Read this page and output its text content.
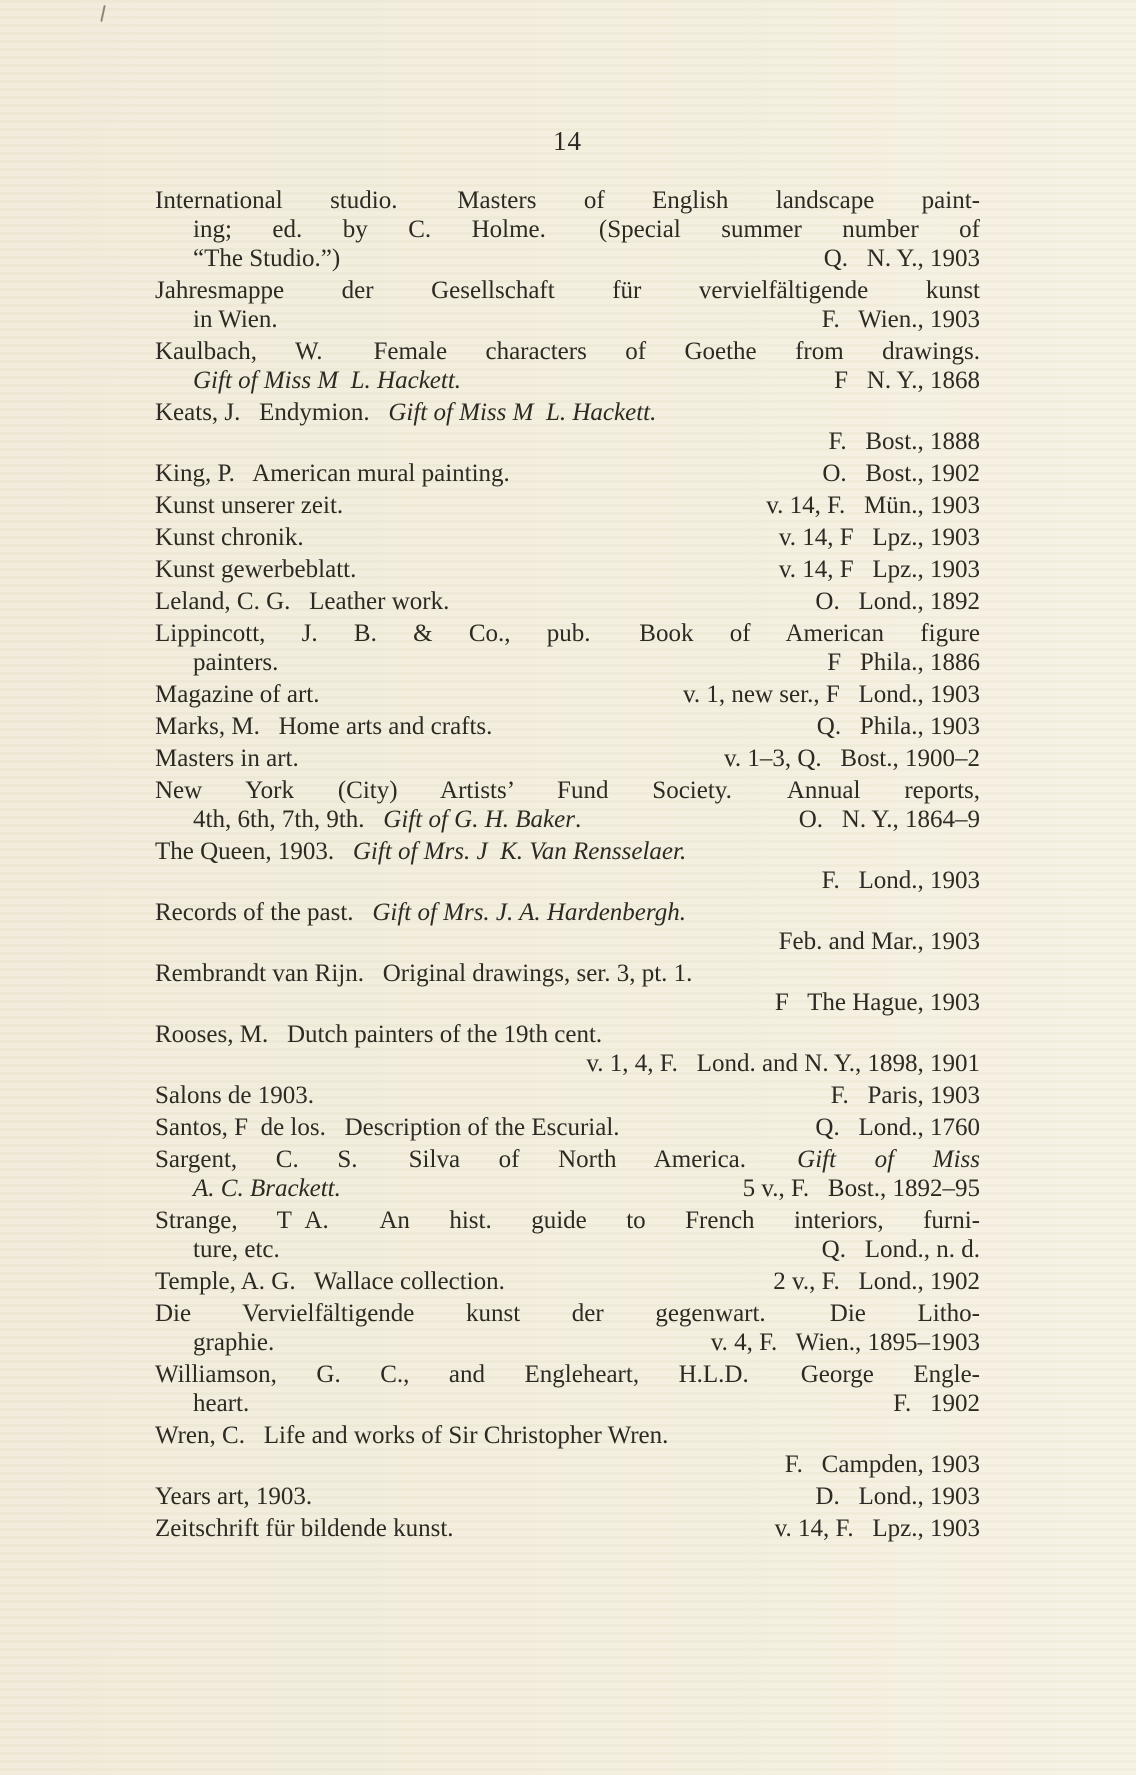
14
International studio.  Masters of English landscape paint-
ing; ed. by C. Holme.  (Special summer number of
“The Studio.”)	Q.  N. Y., 1903
Jahresmappe der Gesellschaft für vervielfältigende kunst
in Wien.	F.  Wien., 1903
Kaulbach, W.  Female characters of Goethe from drawings.
Gift of Miss M L. Hackett.	F  N. Y., 1868
Keats, J.  Endymion.  Gift of Miss M L. Hackett.
F.  Bost., 1888
King, P.  American mural painting.	O.  Bost., 1902
Kunst unserer zeit.	v. 14, F.  Mün., 1903
Kunst chronik.	v. 14, F  Lpz., 1903
Kunst gewerbeblatt.	v. 14, F  Lpz., 1903
Leland, C. G.  Leather work.	O.  Lond., 1892
Lippincott, J. B. & Co., pub.  Book of American figure
painters.	F  Phila., 1886
Magazine of art.	v. 1, new ser., F  Lond., 1903
Marks, M.  Home arts and crafts.	Q.  Phila., 1903
Masters in art.	v. 1–3, Q.  Bost., 1900–2
New York (City) Artists’ Fund Society.  Annual reports,
4th, 6th, 7th, 9th.  Gift of G. H. Baker.	O.  N. Y., 1864–9
The Queen, 1903.  Gift of Mrs. J K. Van Rensselaer.
F.  Lond., 1903
Records of the past.  Gift of Mrs. J. A. Hardenbergh.
Feb. and Mar., 1903
Rembrandt van Rijn.  Original drawings, ser. 3, pt. 1.
F  The Hague, 1903
Rooses, M.  Dutch painters of the 19th cent.
v. 1, 4, F.  Lond. and N. Y., 1898, 1901
Salons de 1903.	F.  Paris, 1903
Santos, F de los.  Description of the Escurial.	Q.  Lond., 1760
Sargent, C. S.  Silva of North America.  Gift of Miss
A. C. Brackett.	5 v., F.  Bost., 1892–95
Strange, T A.  An hist. guide to French interiors, furni-
ture, etc.	Q.  Lond., n. d.
Temple, A. G.  Wallace collection.	2 v., F.  Lond., 1902
Die Vervielfältigende kunst der gegenwart.  Die Litho-
graphie.	v. 4, F.  Wien., 1895–1903
Williamson, G. C., and Engleheart, H.L.D.  George Engle-
heart.	F.  1902
Wren, C.  Life and works of Sir Christopher Wren.
F.  Campden, 1903
Years art, 1903.	D.  Lond., 1903
Zeitschrift für bildende kunst.	v. 14, F.  Lpz., 1903
